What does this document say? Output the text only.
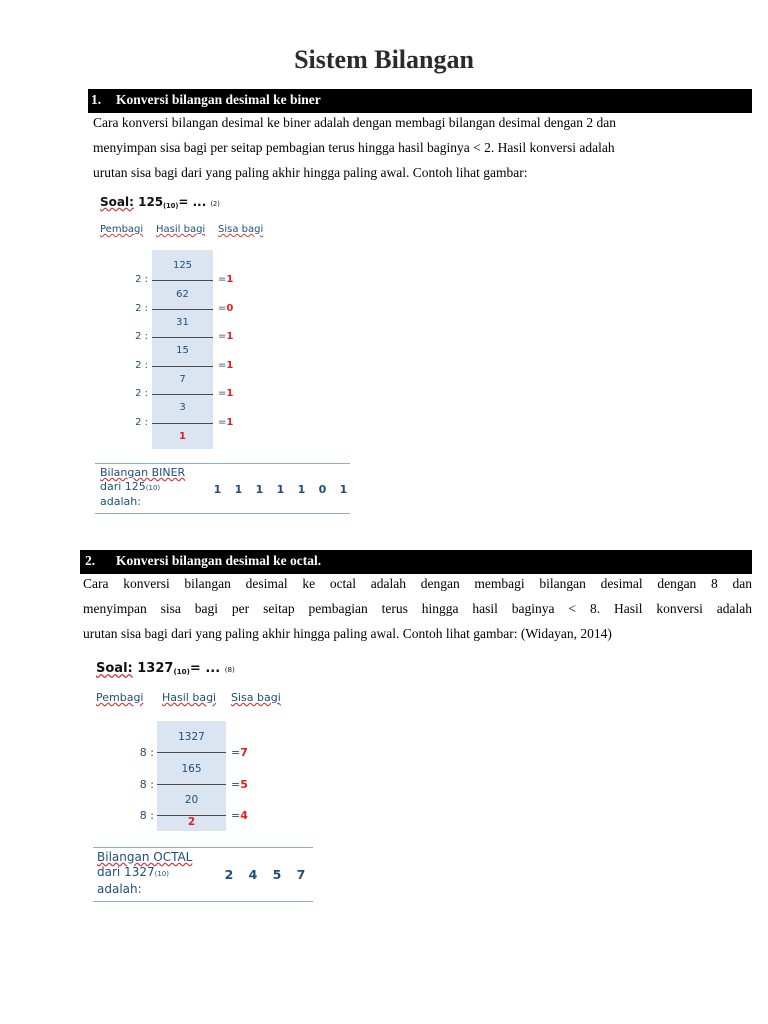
Sistem Bilangan
1. Konversi bilangan desimal ke biner
Cara konversi bilangan desimal ke biner adalah dengan membagi bilangan desimal dengan 2 dan
menyimpan sisa bagi per seitap pembagian terus hingga hasil baginya < 2. Hasil konversi adalah
urutan sisa bagi dari yang paling akhir hingga paling awal. Contoh lihat gambar:
Soal: $125_{(10)}=$ ... (2)
Pembagi Hasil bagi Sisa bagi
125
62
31
15
7
3
1
2 :
2 :
2 :
2 :
2 :
2 :
=1
=0
=1
=1
=1
=1
Bilangan BINER
dari 125(10)
adalah:
1 1 1 1 1 0 1
2. Konversi bilangan desimal ke octal.
Cara konversi bilangan desimal ke octal adalah dengan membagi bilangan desimal dengan 8 dan
menyimpan sisa bagi per seitap pembagian terus hingga hasil baginya < 8. Hasil konversi adalah
urutan sisa bagi dari yang paling akhir hingga paling awal. Contoh lihat gambar: (Widayan, 2014)
Soal: $1327_{(10)}=$ ... (8)
Pembagi Hasil bagi Sisa bagi
1327
165
20
2
8 :
8 :
8 :
=7
=5
=4
Bilangan OCTAL
dari 1327(10)
adalah:
2 4 5 7
